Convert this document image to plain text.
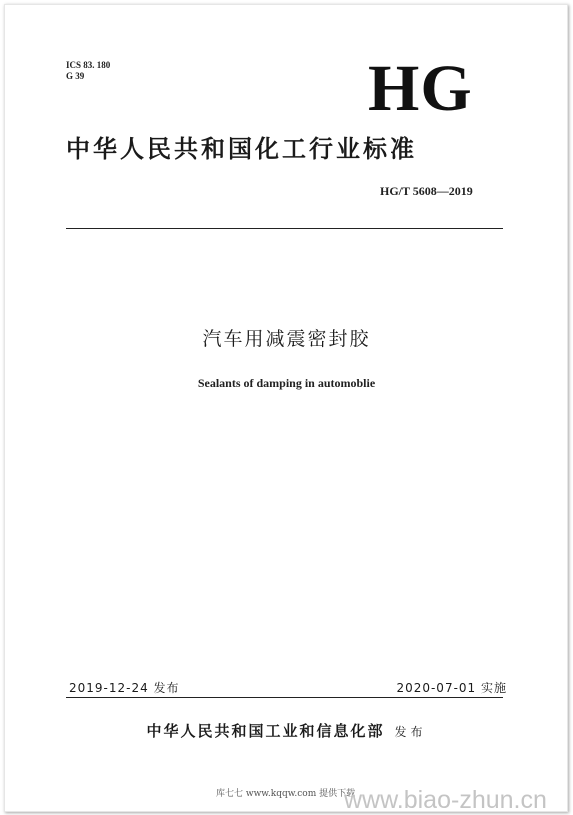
ICS 83. 180
G 39	HG
中华人民共和国化工行业标准
HG/T 5608—2019
汽车用减震密封胶
Sealants of damping in automoblie
2019-12-24 发布	2020-07-01 实施
中华人民共和国工业和信息化部 发布
库七七 www.kqqw.com 提供下载
www.biao-zhun.cn
